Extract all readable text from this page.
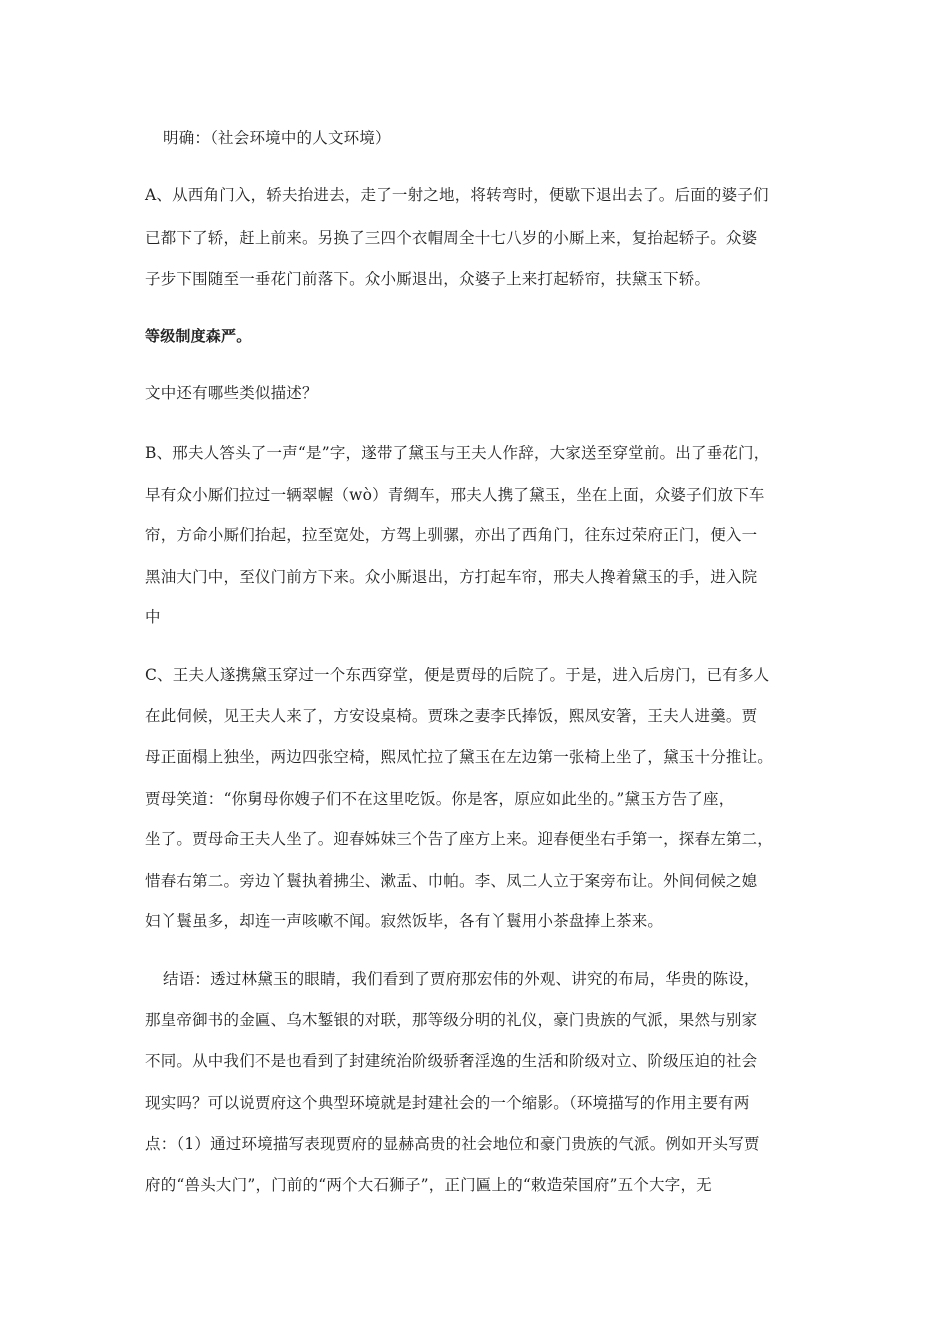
明确：（社会环境中的人文环境）
A、从西角门入，轿夫抬进去，走了一射之地，将转弯时，便歇下退出去了。后面的婆子们
已都下了轿，赶上前来。另换了三四个衣帽周全十七八岁的小厮上来，复抬起轿子。众婆
子步下围随至一垂花门前落下。众小厮退出，众婆子上来打起轿帘，扶黛玉下轿。
等级制度森严。
文中还有哪些类似描述？
B、邢夫人答头了一声“是”字，遂带了黛玉与王夫人作辞，大家送至穿堂前。出了垂花门，
早有众小厮们拉过一辆翠幄（wò）青绸车，邢夫人携了黛玉，坐在上面，众婆子们放下车
帘，方命小厮们抬起，拉至宽处，方驾上驯骡，亦出了西角门，往东过荣府正门，便入一
黑油大门中，至仪门前方下来。众小厮退出，方打起车帘，邢夫人搀着黛玉的手，进入院
中
C、王夫人遂携黛玉穿过一个东西穿堂，便是贾母的后院了。于是，进入后房门，已有多人
在此伺候，见王夫人来了，方安设桌椅。贾珠之妻李氏捧饭，熙凤安箸，王夫人进羹。贾
母正面榻上独坐，两边四张空椅，熙凤忙拉了黛玉在左边第一张椅上坐了，黛玉十分推让。
贾母笑道：“你舅母你嫂子们不在这里吃饭。你是客，原应如此坐的。”黛玉方告了座，
坐了。贾母命王夫人坐了。迎春姊妹三个告了座方上来。迎春便坐右手第一，探春左第二，
惜春右第二。旁边丫鬟执着拂尘、漱盂、巾帕。李、凤二人立于案旁布让。外间伺候之媳
妇丫鬟虽多，却连一声咳嗽不闻。寂然饭毕，各有丫鬟用小茶盘捧上茶来。
结语：透过林黛玉的眼睛，我们看到了贾府那宏伟的外观、讲究的布局，华贵的陈设，
那皇帝御书的金匾、乌木錾银的对联，那等级分明的礼仪，豪门贵族的气派，果然与别家
不同。从中我们不是也看到了封建统治阶级骄奢淫逸的生活和阶级对立、阶级压迫的社会
现实吗？可以说贾府这个典型环境就是封建社会的一个缩影。（环境描写的作用主要有两
点：（1）通过环境描写表现贾府的显赫高贵的社会地位和豪门贵族的气派。例如开头写贾
府的“兽头大门”，门前的“两个大石狮子”，正门匾上的“敕造荣国府”五个大字，无
